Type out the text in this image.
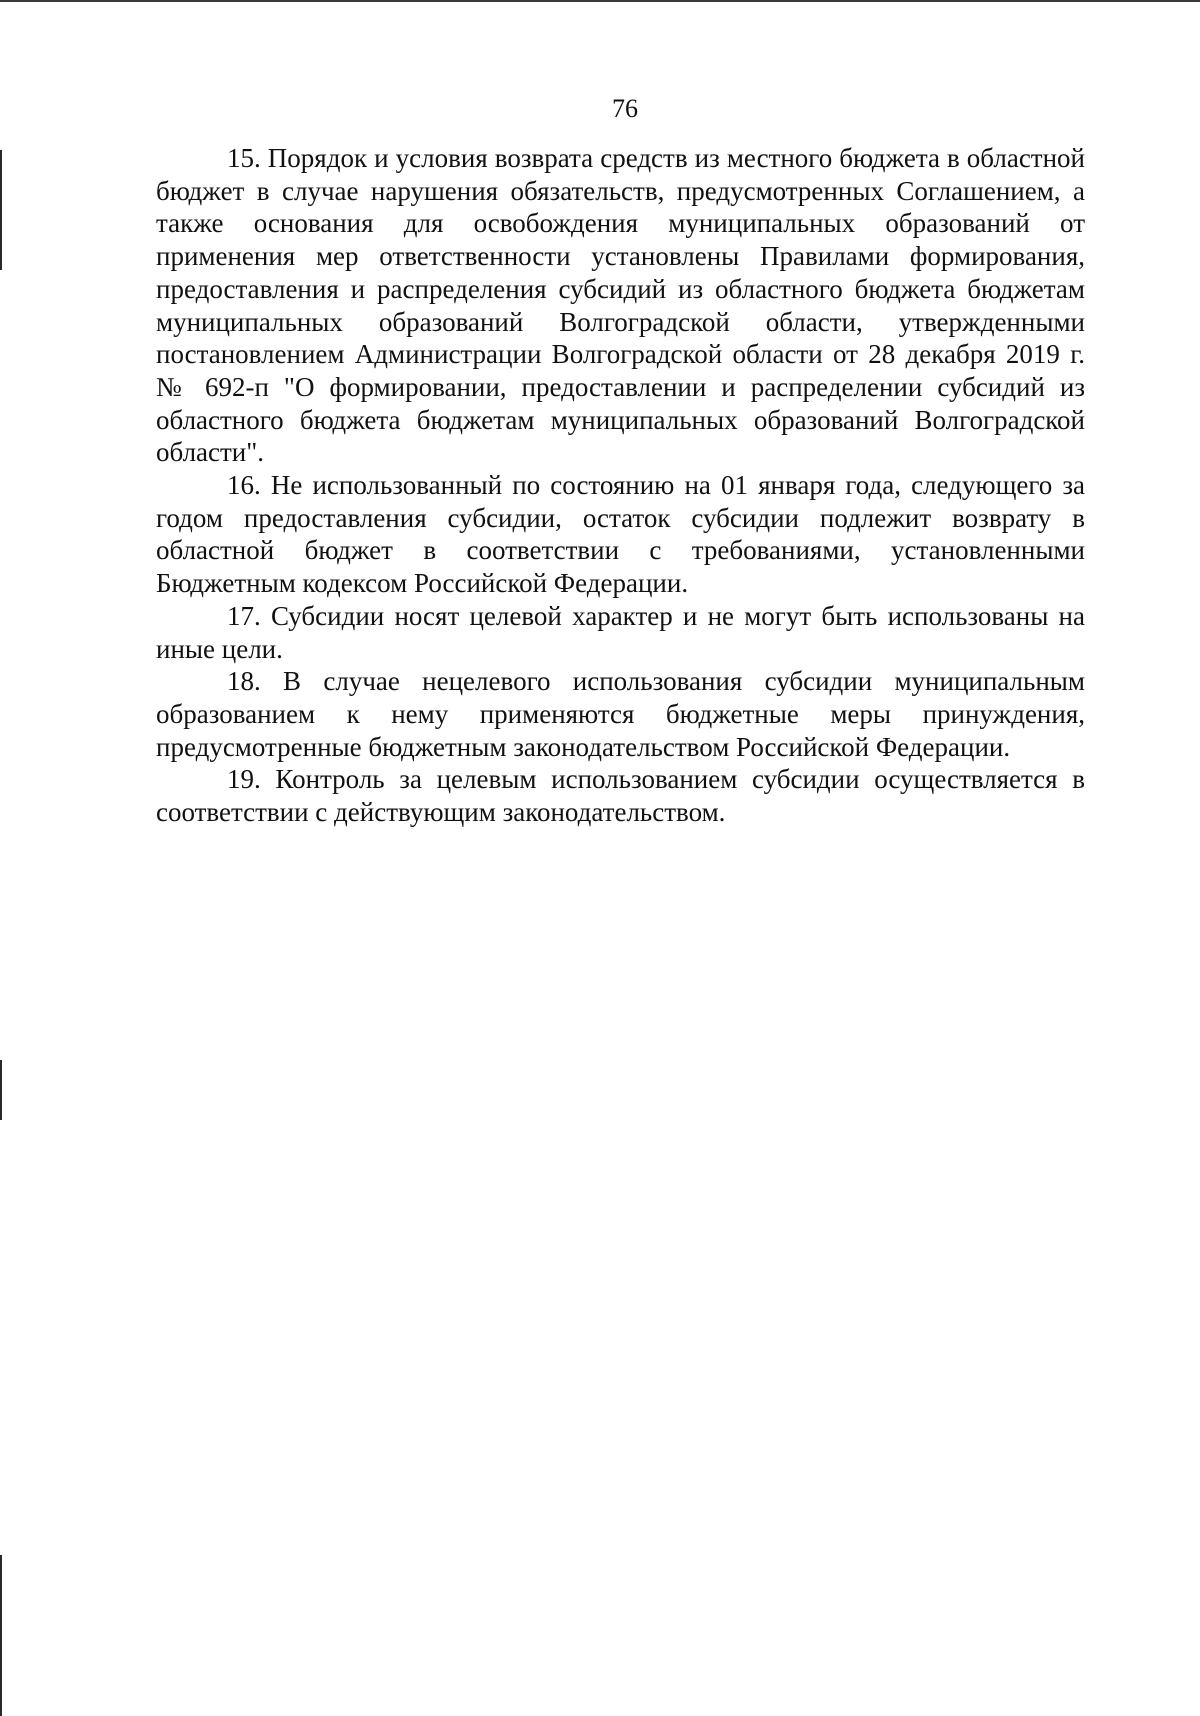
76

15. Порядок и условия возврата средств из местного бюджета в областной бюджет в случае нарушения обязательств, предусмотренных Соглашением, а также основания для освобождения муниципальных образований от применения мер ответственности установлены Правилами формирования, предоставления и распределения субсидий из областного бюджета бюджетам муниципальных образований Волгоградской области, утвержденными постановлением Администрации Волгоградской области от 28 декабря 2019 г. № 692-п "О формировании, предоставлении и распределении субсидий из областного бюджета бюджетам муниципальных образований Волгоградской области".

16. Не использованный по состоянию на 01 января года, следующего за годом предоставления субсидии, остаток субсидии подлежит возврату в областной бюджет в соответствии с требованиями, установленными Бюджетным кодексом Российской Федерации.

17. Субсидии носят целевой характер и не могут быть использованы на иные цели.

18. В случае нецелевого использования субсидии муниципальным образованием к нему применяются бюджетные меры принуждения, предусмотренные бюджетным законодательством Российской Федерации.

19. Контроль за целевым использованием субсидии осуществляется в соответствии с действующим законодательством.
